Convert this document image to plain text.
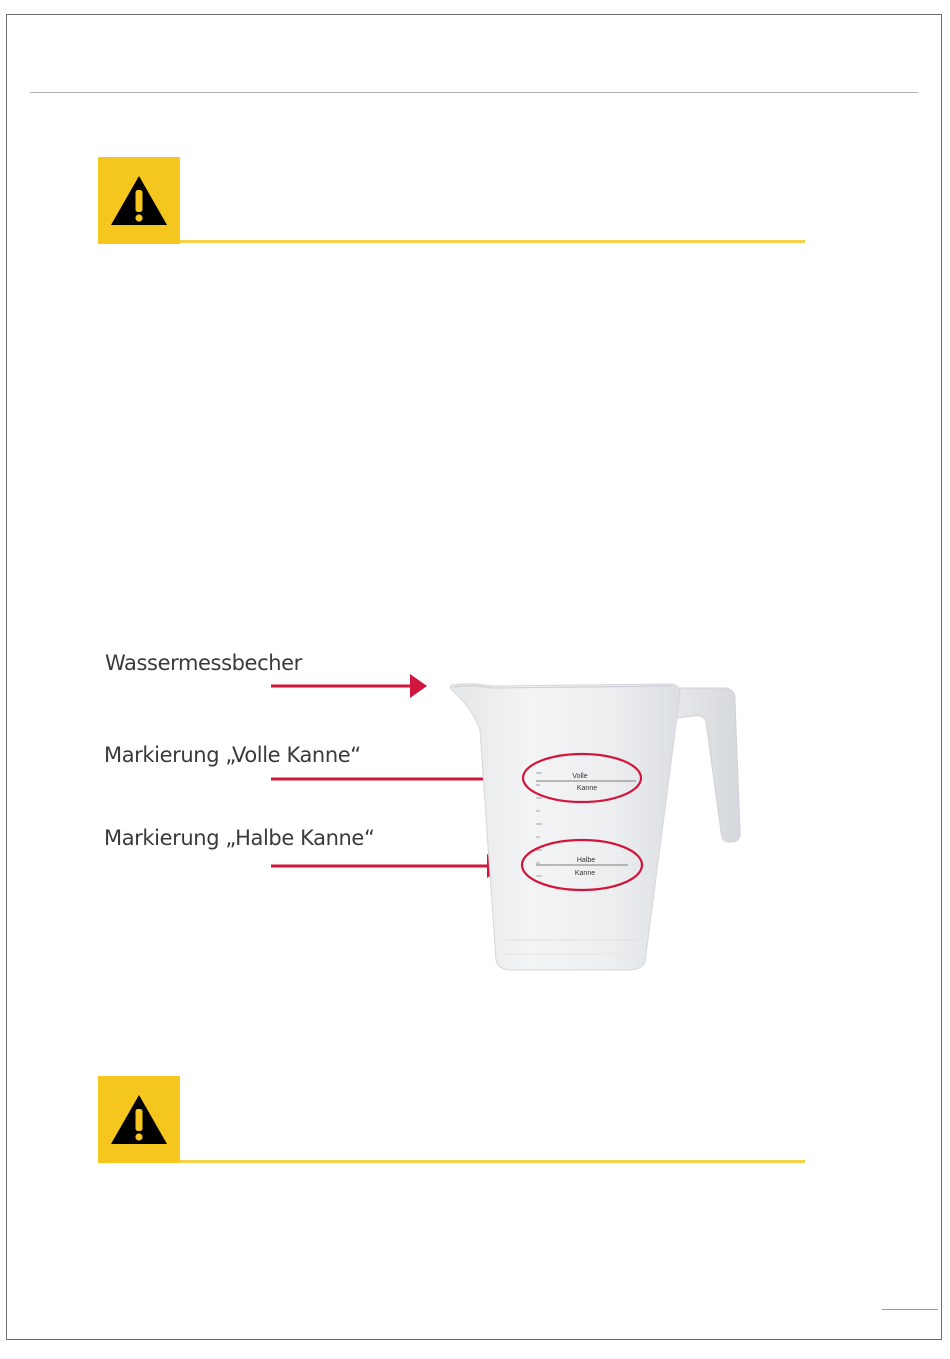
Wassermessbecher
Markierung „Volle Kanne“
Markierung „Halbe Kanne“
Volle
Kanne
Halbe
Kanne
